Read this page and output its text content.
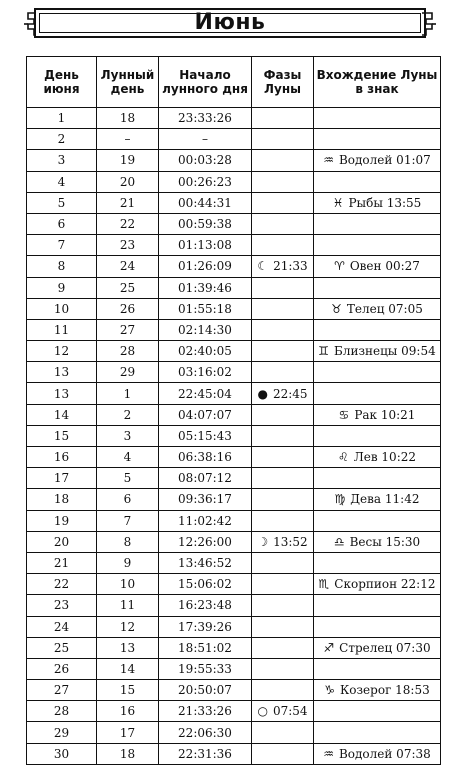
Июнь
День июня	Лунный день	Начало лунного дня	Фазы Луны	Вхождение Луны в знак
1	18	23:33:26		
2	–	–		
3	19	00:03:28		♒ Водолей 01:07
4	20	00:26:23		
5	21	00:44:31		♓ Рыбы 13:55
6	22	00:59:38		
7	23	01:13:08		
8	24	01:26:09	☾ 21:33	♈ Овен 00:27
9	25	01:39:46		
10	26	01:55:18		♉ Телец 07:05
11	27	02:14:30		
12	28	02:40:05		♊ Близнецы 09:54
13	29	03:16:02		
13	1	22:45:04	● 22:45	
14	2	04:07:07		♋ Рак 10:21
15	3	05:15:43		
16	4	06:38:16		♌ Лев 10:22
17	5	08:07:12		
18	6	09:36:17		♍ Дева 11:42
19	7	11:02:42		
20	8	12:26:00	☽ 13:52	♎ Весы 15:30
21	9	13:46:52		
22	10	15:06:02		♏ Скорпион 22:12
23	11	16:23:48		
24	12	17:39:26		
25	13	18:51:02		♐ Стрелец 07:30
26	14	19:55:33		
27	15	20:50:07		♑ Козерог 18:53
28	16	21:33:26	○ 07:54	
29	17	22:06:30		
30	18	22:31:36		♒ Водолей 07:38
